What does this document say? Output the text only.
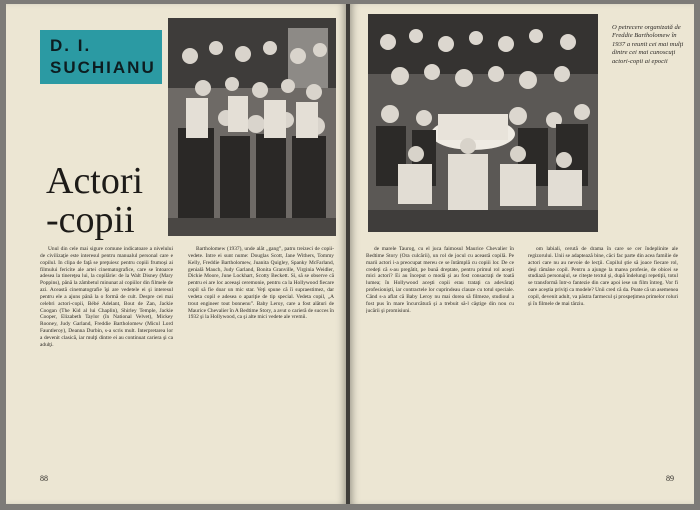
D. I.
SUCHIANU
Actori
-copii

Unul din cele mai sigure comune indicatoare a nivelului de civilizaţie este interesul pentru manualul personal care e copilul. In clipa de faţă se preţuiesc pentru copiii frumoşi ai filmului fericite ale artei cinematografice, care se întoarce adesea la tinereţea lui, la copilărie: de la Walt Disney (Mary Poppins), până la zâmbetul minunat al copiilor din filmele de azi. Această cinematografie îşi are vedetele ei şi interesul pentru ele a ajuns până la o formă de cult. Despre cei mai celebri actori-copii, Bébé Adelant, Bout de Zan, Jackie Coogan (The Kid al lui Chaplin), Shirley Temple, Jackie Cooper, Elizabeth Taylor (în National Velvet), Mickey Rooney, Judy Garland, Freddie Bartholomew (Micul Lord Fauntleroy), Deanna Durbin, s-a scris mult. Interpretarea lor a devenit clasică, iar mulţi dintre ei au continuat cariera şi ca adulţi.

Bartholomew (1937), unde alăt „gang”, patru treizeci de copii-vedete. Intre ei sunt nume: Douglas Scott, Jane Withers, Tommy Kelly, Freddie Bartholomew, Juanita Quigley, Spanky McFarland, genială Mauch, Judy Garland, Bonita Granville, Virginia Weidler, Dickie Moore, June Lockhart, Scotty Beckett. Si, să se observe că pentru ei are loc aceeaşi ceremonie, pentru ca la Hollywood fiecare copil să fie doar un mic star. Veţi spune că îi supraestimez, dar vedeta copil e adesea o apariţie de tip special. Vedeta copil, „A trout engineer tout bonnenu”. Baby Leroy, care a fost alături de Maurice Chevalier în A Bedtime Story, a avut o carieră de succes în 1932 şi la Hollywood, ca şi alte mici vedete ale vremii.

88
O petrecere organizată de Freddie Bartholomew în 1937 a reunit cei mai mulţi dintre cei mai cunoscuţi actori-copii ai epocii

de marele Taurog, cu el juca faimosul Maurice Chevalier în Bedtime Story (Ora culcării), un rol de jocul cu această copilă. Pe marii actori i-a preocupat mereu ce se întâmplă cu copiii lor. De ce credeţi că s-au pregătit, pe bună dreptate, pentru primul rol aceşti mici actori? Ei au început o modă şi au fost consacraţi de toată lumea; în Hollywood aceşti copii erau trataţi ca adevăraţi profesionişti, iar contractele lor cuprindeau clauze cu totul speciale. Când s-a aflat că Baby Leroy nu mai dorea să filmeze, studioul a fost pus în mare încurcătură şi a trebuit să-l câştige din nou cu jucării şi promisiuni.

om labiali, cerută de drama în care se cer îndeplinite ale regizorului. Unii se adaptează bine, căci fac parte din acea familie de actori care nu au nevoie de lecţii. Copilul ştie să joace fiecare rol, deşi rămâne copil. Pentru a ajunge la marea profesie, de obicei se studiază personajul, se citeşte textul şi, după îndelungi repetiţii, totul se transformă într-o fantezie din care apoi iese un film întreg. Vor fi oare aceştia priviţi ca modele? Unii cred că da. Poate că un asemenea copil, devenit adult, va păstra farmecul şi prospeţimea primelor roluri şi în filmele de mai târziu.

89
